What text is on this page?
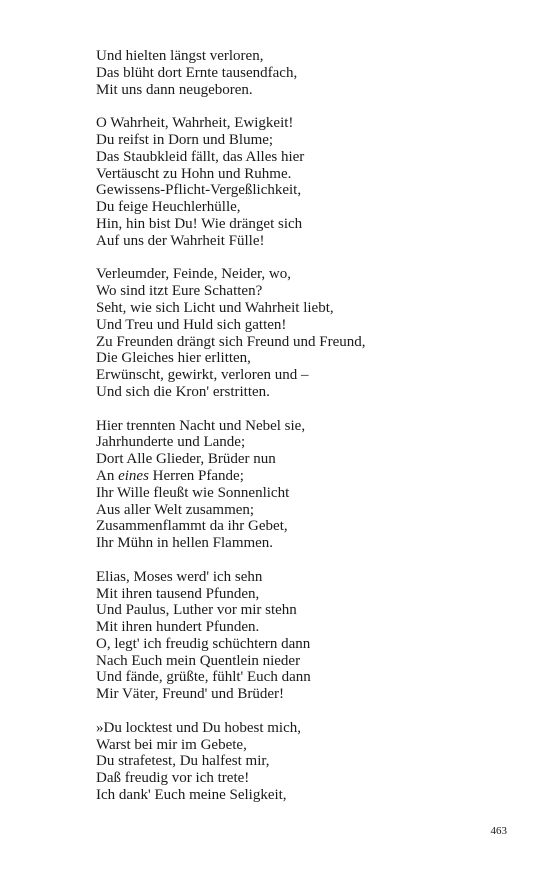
Und hielten längst verloren,
Das blüht dort Ernte tausendfach,
Mit uns dann neugeboren.
O Wahrheit, Wahrheit, Ewigkeit!
Du reifst in Dorn und Blume;
Das Staubkleid fällt, das Alles hier
Vertäuscht zu Hohn und Ruhme.
Gewissens-Pflicht-Vergeßlichkeit,
Du feige Heuchlerhülle,
Hin, hin bist Du! Wie dränget sich
Auf uns der Wahrheit Fülle!
Verleumder, Feinde, Neider, wo,
Wo sind itzt Eure Schatten?
Seht, wie sich Licht und Wahrheit liebt,
Und Treu und Huld sich gatten!
Zu Freunden drängt sich Freund und Freund,
Die Gleiches hier erlitten,
Erwünscht, gewirkt, verloren und –
Und sich die Kron' erstritten.
Hier trennten Nacht und Nebel sie,
Jahrhunderte und Lande;
Dort Alle Glieder, Brüder nun
An eines Herren Pfande;
Ihr Wille fleußt wie Sonnenlicht
Aus aller Welt zusammen;
Zusammenflammt da ihr Gebet,
Ihr Mühn in hellen Flammen.
Elias, Moses werd' ich sehn
Mit ihren tausend Pfunden,
Und Paulus, Luther vor mir stehn
Mit ihren hundert Pfunden.
O, legt' ich freudig schüchtern dann
Nach Euch mein Quentlein nieder
Und fände, grüßte, fühlt' Euch dann
Mir Väter, Freund' und Brüder!
»Du locktest und Du hobest mich,
Warst bei mir im Gebete,
Du strafetest, Du halfest mir,
Daß freudig vor ich trete!
Ich dank' Euch meine Seligkeit,
463
